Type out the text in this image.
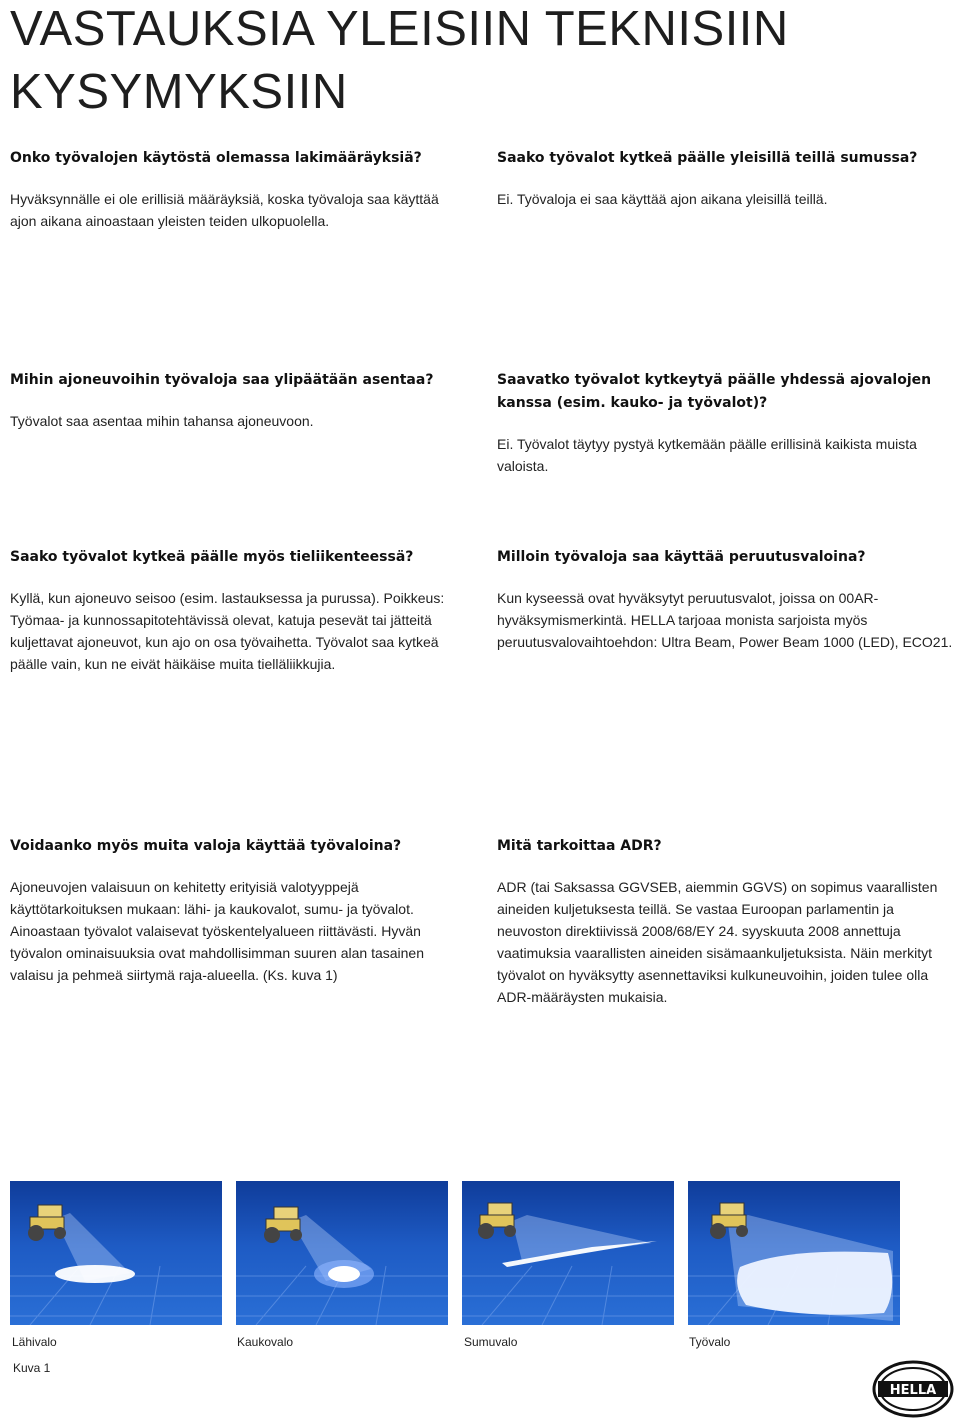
VASTAUKSIA YLEISIIN TEKNISIIN
KYSYMYKSIIN

Onko työvalojen käytöstä olemassa lakimääräyksiä?

Hyväksynnälle ei ole erillisiä määräyksiä, koska työvaloja saa käyttää ajon aikana ainoastaan yleisten teiden ulkopuolella.

Saako työvalot kytkeä päälle yleisillä teillä sumussa?

Ei. Työvaloja ei saa käyttää ajon aikana yleisillä teillä.

Mihin ajoneuvoihin työvaloja saa ylipäätään asentaa?

Työvalot saa asentaa mihin tahansa ajoneuvoon.

Saavatko työvalot kytkeytyä päälle yhdessä ajovalojen kanssa (esim. kauko- ja työvalot)?

Ei. Työvalot täytyy pystyä kytkemään päälle erillisinä kaikista muista valoista.

Saako työvalot kytkeä päälle myös tieliikenteessä?

Kyllä, kun ajoneuvo seisoo (esim. lastauksessa ja purussa). Poikkeus: Työmaa- ja kunnossapitotehtävissä olevat, katuja pesevät tai jätteitä kuljettavat ajoneuvot, kun ajo on osa työvaihetta. Työvalot saa kytkeä päälle vain, kun ne eivät häikäise muita tielläliikkujia.

Milloin työvaloja saa käyttää peruutusvaloina?

Kun kyseessä ovat hyväksytyt peruutusvalot, joissa on 00AR-hyväksymismerkintä. HELLA tarjoaa monista sarjoista myös peruutusvalovaihtoehdon: Ultra Beam, Power Beam 1000 (LED), ECO21.

Voidaanko myös muita valoja käyttää työvaloina?

Ajoneuvojen valaisuun on kehitetty erityisiä valotyyppejä käyttötarkoituksen mukaan: lähi- ja kaukovalot, sumu- ja työvalot. Ainoastaan työvalot valaisevat työskentelyalueen riittävästi. Hyvän työvalon ominaisuuksia ovat mahdollisimman suuren alan tasainen valaisu ja pehmeä siirtymä raja-alueella. (Ks. kuva 1)

Mitä tarkoittaa ADR?

ADR (tai Saksassa GGVSEB, aiemmin GGVS) on sopimus vaarallisten aineiden kuljetuksesta teillä. Se vastaa Euroopan parlamentin ja neuvoston direktiivissä 2008/68/EY 24. syyskuuta 2008 annettuja vaatimuksia vaarallisten aineiden sisämaankuljetuksista. Näin merkityt työvalot on hyväksytty asennettaviksi kulkuneuvoihin, joiden tulee olla ADR-määräysten mukaisia.

Lähivalo	Kaukovalo	Sumuvalo	Työvalo
Kuva 1
HELLA
